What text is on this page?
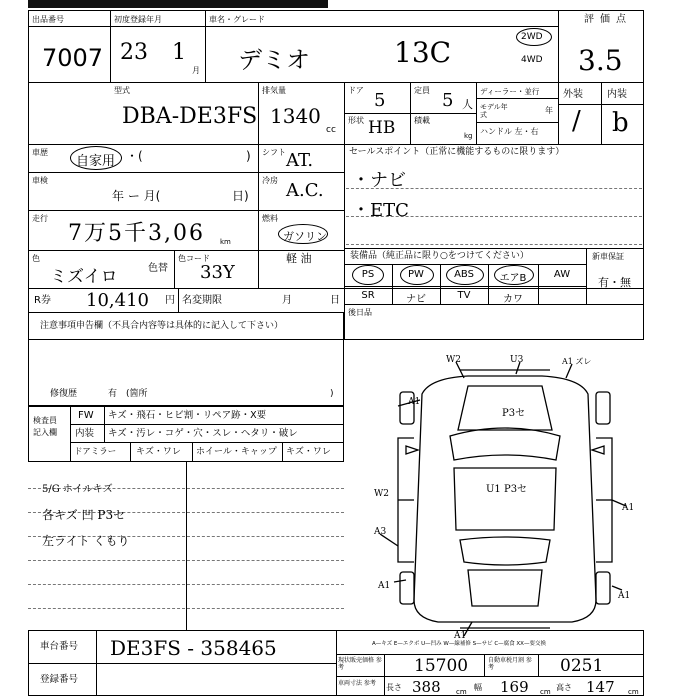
出品番号
7007
初度登録年月
23 1
月
車名・グレード
デミオ	13C	2WD
4WD
評価点
3.5
型式
DBA-DE3FS
排気量
1340
cc
ドア 5	定員 5 人
ディーラー・並行
モデル年式	年
ハンドル 左・右
形状 HB 積載
kg
外装 内装
/ b
車歴
自家用 ・(	) シフト AT.
車検
年 ー 月(	日)
冷房 A.C.
走行
7万5千3,06 km
燃料
ガソリン
軽 油
色
ミズイロ	色替
色コード
33Y
R券 10,410 円 名変期限	月	日
セールスポイント（正常に機能するものに限ります）
・ナビ
・ETC
装備品（純正品に限り○をつけてください）	新車保証
有・無
PS	PW	ABS	エアB	AW
SR	ナビ	TV	カワ
後日品
注意事項申告欄（不具合内容等は具体的に記入して下さい）
修復歴	有 (箇所	)
検査員
記入欄
FW キズ・飛石・ヒビ割・リペア跡・X要
内装 キズ・汚レ・コゲ・穴・スレ・ヘタリ・破レ
ドアミラー キズ・ワレ ホイール・キャップ キズ・ワレ
5/G ホイルキズ
各キズ 凹 P3セ
左ライト くもり
W2	U3	A1 ズレ
A1
P3セ
U1 P3セ
W2
A3
A1
A1
A1
A1
A—キズ E—エクボ U—凹み W—線補修 S—サビ C—腐食 XX—要交換
車台番号 DE3FS - 358465
登録番号
現状販売価格 参考	15700	自動車税月割 参考	0251
車両寸法 参考	長さ 388 cm 幅 169 cm 高さ 147 cm
